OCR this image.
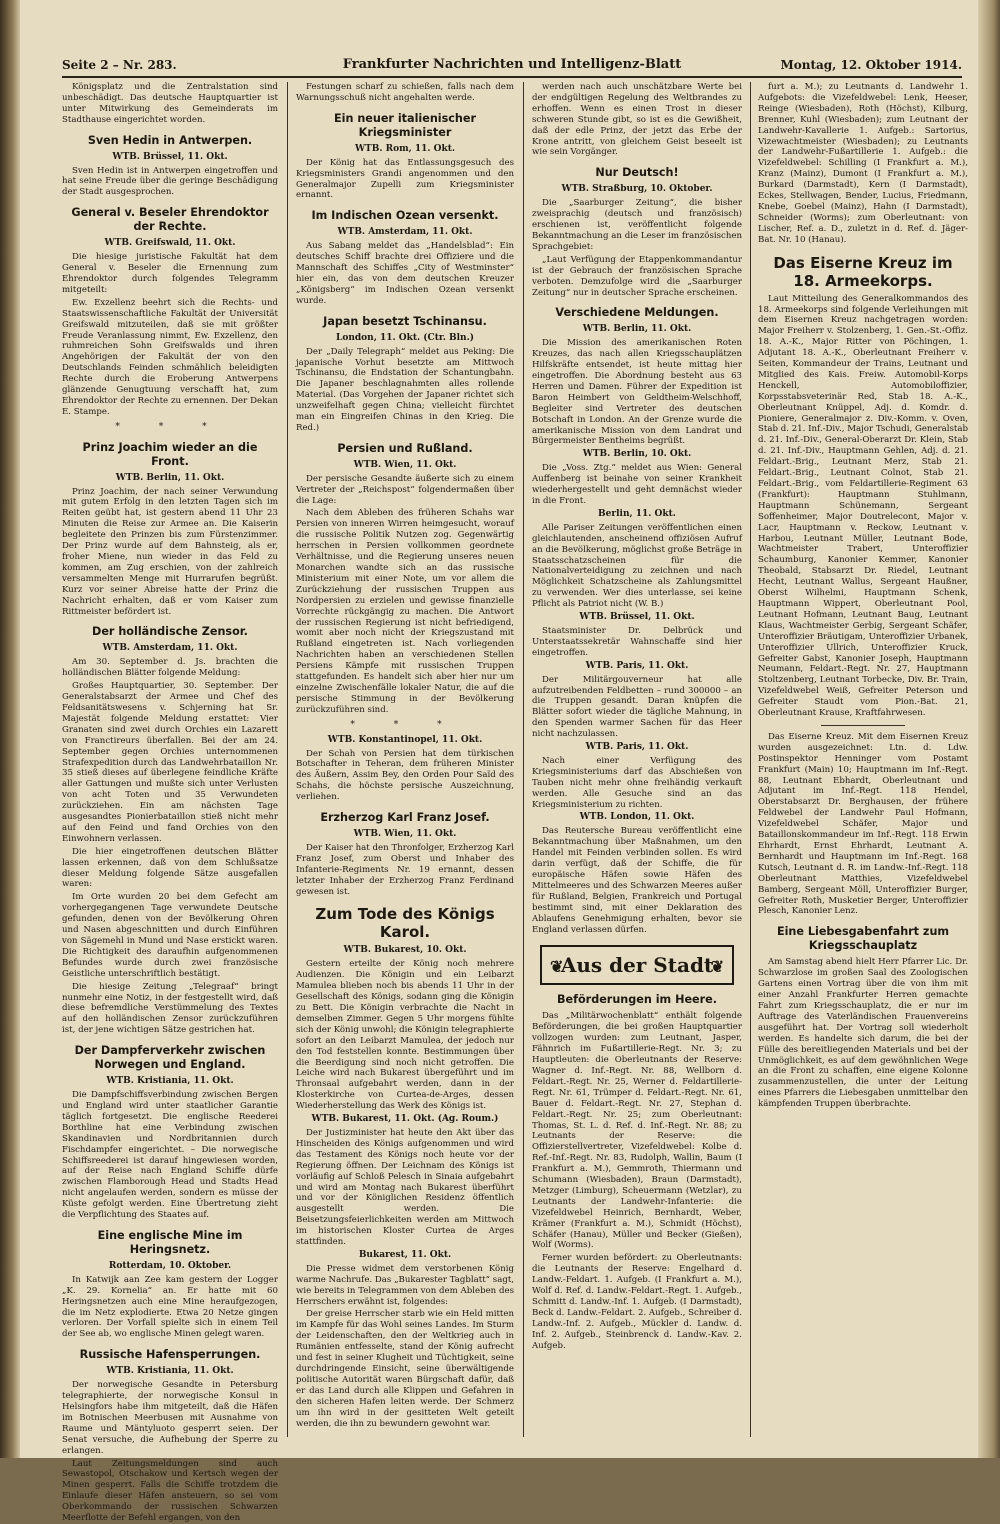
Seite 2 – Nr. 283.	Frankfurter Nachrichten und Intelligenz-Blatt	Montag, 12. Oktober 1914.

Königsplatz und die Zentralstation sind unbeschädigt. Das deutsche Hauptquartier ist unter Mitwirkung des Gemeinderats im Stadthause eingerichtet worden.

Sven Hedin in Antwerpen.

WTB. Brüssel, 11. Okt.

Sven Hedin ist in Antwerpen eingetroffen und hat seine Freude über die geringe Beschädigung der Stadt ausgesprochen.

General v. Beseler Ehrendoktor der Rechte.

WTB. Greifswald, 11. Okt.

Die hiesige juristische Fakultät hat dem General v. Beseler die Ernennung zum Ehrendoktor durch folgendes Telegramm mitgeteilt:

Ew. Exzellenz beehrt sich die Rechts- und Staatswissenschaftliche Fakultät der Universität Greifswald mitzuteilen, daß sie mit größter Freude Veranlassung nimmt, Ew. Exzellenz, den ruhmreichen Sohn Greifswalds und ihren Angehörigen der Fakultät der von den Deutschlands Feinden schmählich beleidigten Rechte durch die Eroberung Antwerpens glänzende Genugtuung verschafft hat, zum Ehrendoktor der Rechte zu ernennen. Der Dekan E. Stampe.

* * *

Prinz Joachim wieder an die Front.

WTB. Berlin, 11. Okt.

Prinz Joachim, der nach seiner Verwundung mit gutem Erfolg in den letzten Tagen sich im Reiten geübt hat, ist gestern abend 11 Uhr 23 Minuten die Reise zur Armee an. Die Kaiserin begleitete den Prinzen bis zum Fürstenzimmer. Der Prinz wurde auf dem Bahnsteig, als er, froher Miene, nun wieder in das Feld zu kommen, am Zug erschien, von der zahlreich versammelten Menge mit Hurrarufen begrüßt. Kurz vor seiner Abreise hatte der Prinz die Nachricht erhalten, daß er vom Kaiser zum Rittmeister befördert ist.

Der holländische Zensor.

WTB. Amsterdam, 11. Okt.

Am 30. September d. Js. brachten die holländischen Blätter folgende Meldung:

Großes Hauptquartier, 30. September. Der Generalstabsarzt der Armee und Chef des Feldsanitätswesens v. Schjerning hat Sr. Majestät folgende Meldung erstattet: Vier Granaten sind zwei durch Orchies ein Lazarett von Franctireurs überfallen. Bei der am 24. September gegen Orchies unternommenen Strafexpedition durch das Landwehrbataillon Nr. 35 stieß dieses auf überlegene feindliche Kräfte aller Gattungen und mußte sich unter Verlusten von acht Toten und 35 Verwundeten zurückziehen. Ein am nächsten Tage ausgesandtes Pionierbataillon stieß nicht mehr auf den Feind und fand Orchies von den Einwohnern verlassen.

Die hier eingetroffenen deutschen Blätter lassen erkennen, daß von dem Schlußsatze dieser Meldung folgende Sätze ausgefallen waren:

Im Orte wurden 20 bei dem Gefecht am vorhergegangenen Tage verwundete Deutsche gefunden, denen von der Bevölkerung Ohren und Nasen abgeschnitten und durch Einführen von Sägemehl in Mund und Nase erstickt waren. Die Richtigkeit des daraufhin aufgenommenen Befundes wurde durch zwei französische Geistliche unterschriftlich bestätigt.

Die hiesige Zeitung „Telegraaf“ bringt nunmehr eine Notiz, in der festgestellt wird, daß diese befremdliche Verstümmelung des Textes auf den holländischen Zensor zurückzuführen ist, der jene wichtigen Sätze gestrichen hat.

Der Dampferverkehr zwischen Norwegen und England.

WTB. Kristiania, 11. Okt.

Die Dampfschiffsverbindung zwischen Bergen und England wird unter staatlicher Garantie täglich fortgesetzt. Die englische Reederei Borthline hat eine Verbindung zwischen Skandinavien und Nordbritannien durch Fischdampfer eingerichtet. – Die norwegische Schiffsreederei ist darauf hingewiesen worden, auf der Reise nach England Schiffe dürfe zwischen Flamborough Head und Stadts Head nicht angelaufen werden, sondern es müsse der Küste gefolgt werden. Eine Übertretung zieht die Verpflichtung des Staates auf.

Eine englische Mine im Heringsnetz.

Rotterdam, 10. Oktober.

In Katwijk aan Zee kam gestern der Logger „K. 29. Kornelia“ an. Er hatte mit 60 Heringsnetzen auch eine Mine heraufgezogen, die im Netz explodierte. Etwa 20 Netze gingen verloren. Der Vorfall spielte sich in einem Teil der See ab, wo englische Minen gelegt waren.

Russische Hafensperrungen.

WTB. Kristiania, 11. Okt.

Der norwegische Gesandte in Petersburg telegraphierte, der norwegische Konsul in Helsingfors habe ihm mitgeteilt, daß die Häfen im Botnischen Meerbusen mit Ausnahme von Raume und Mäntyluoto gesperrt seien. Der Senat versuche, die Aufhebung der Sperre zu erlangen.

Laut Zeitungsmeldungen sind auch Sewastopol, Otschakow und Kertsch wegen der Minen gesperrt. Falls die Schiffe trotzdem die Einlaufe dieser Häfen ansteuern, so sei vom Oberkommando der russischen Schwarzen Meerflotte der Befehl ergangen, von den

Festungen scharf zu schießen, falls nach dem Warnungsschuß nicht angehalten werde.

Ein neuer italienischer Kriegsminister

WTB. Rom, 11. Okt.

Der König hat das Entlassungsgesuch des Kriegsministers Grandi angenommen und den Generalmajor Zupelli zum Kriegsminister ernannt.

Im Indischen Ozean versenkt.

WTB. Amsterdam, 11. Okt.

Aus Sabang meldet das „Handelsblad“: Ein deutsches Schiff brachte drei Offiziere und die Mannschaft des Schiffes „City of Westminster“ hier ein, das von dem deutschen Kreuzer „Königsberg“ im Indischen Ozean versenkt wurde.

Japan besetzt Tschinansu.

London, 11. Okt. (Ctr. Bln.)

Der „Daily Telegraph“ meldet aus Peking: Die japanische Vorhut besetzte am Mittwoch Tschinansu, die Endstation der Schantungbahn. Die Japaner beschlagnahmten alles rollende Material. (Das Vorgehen der Japaner richtet sich unzweifelhaft gegen China; vielleicht fürchtet man ein Eingreifen Chinas in den Krieg. Die Red.)

Persien und Rußland.

WTB. Wien, 11. Okt.

Der persische Gesandte äußerte sich zu einem Vertreter der „Reichspost“ folgendermaßen über die Lage:

Nach dem Ableben des früheren Schahs war Persien von inneren Wirren heimgesucht, worauf die russische Politik Nutzen zog. Gegenwärtig herrschen in Persien vollkommen geordnete Verhältnisse, und die Regierung unseres neuen Monarchen wandte sich an das russische Ministerium mit einer Note, um vor allem die Zurückziehung der russischen Truppen aus Nordpersien zu erzielen und gewisse finanzielle Vorrechte rückgängig zu machen. Die Antwort der russischen Regierung ist nicht befriedigend, womit aber noch nicht der Kriegszustand mit Rußland eingetreten ist. Nach vorliegenden Nachrichten haben an verschiedenen Stellen Persiens Kämpfe mit russischen Truppen stattgefunden. Es handelt sich aber hier nur um einzelne Zwischenfälle lokaler Natur, die auf die persische Stimmung in der Bevölkerung zurückzuführen sind.

* * *

WTB. Konstantinopel, 11. Okt.

Der Schah von Persien hat dem türkischen Botschafter in Teheran, dem früheren Minister des Äußern, Assim Bey, den Orden Pour Saïd des Schahs, die höchste persische Auszeichnung, verliehen.

Erzherzog Karl Franz Josef.

WTB. Wien, 11. Okt.

Der Kaiser hat den Thronfolger, Erzherzog Karl Franz Josef, zum Oberst und Inhaber des Infanterie-Regiments Nr. 19 ernannt, dessen letzter Inhaber der Erzherzog Franz Ferdinand gewesen ist.

Zum Tode des Königs Karol.

WTB. Bukarest, 10. Okt.

Gestern erteilte der König noch mehrere Audienzen. Die Königin und ein Leibarzt Mamulea blieben noch bis abends 11 Uhr in der Gesellschaft des Königs, sodann ging die Königin zu Bett. Die Königin verbrachte die Nacht in demselben Zimmer. Gegen 5 Uhr morgens fühlte sich der König unwohl; die Königin telegraphierte sofort an den Leibarzt Mamulea, der jedoch nur den Tod feststellen konnte. Bestimmungen über die Beerdigung sind noch nicht getroffen. Die Leiche wird nach Bukarest übergeführt und im Thronsaal aufgebahrt werden, dann in der Klosterkirche von Curtea-de-Arges, dessen Wiederherstellung das Werk des Königs ist.

WTB. Bukarest, 11. Okt. (Ag. Roum.)

Der Justizminister hat heute den Akt über das Hinscheiden des Königs aufgenommen und wird das Testament des Königs noch heute vor der Regierung öffnen. Der Leichnam des Königs ist vorläufig auf Schloß Pelesch in Sinaia aufgebahrt und wird am Montag nach Bukarest überführt und vor der Königlichen Residenz öffentlich ausgestellt werden. Die Beisetzungsfeierlichkeiten werden am Mittwoch im historischen Kloster Curtea de Arges stattfinden.

Bukarest, 11. Okt.

Die Presse widmet dem verstorbenen König warme Nachrufe. Das „Bukarester Tagblatt“ sagt, wie bereits in Telegrammen von dem Ableben des Herrschers erwähnt ist, folgendes:

Der greise Herrscher starb wie ein Held mitten im Kampfe für das Wohl seines Landes. Im Sturm der Leidenschaften, den der Weltkrieg auch in Rumänien entfesselte, stand der König aufrecht und fest in seiner Klugheit und Tüchtigkeit, seine durchdringende Einsicht, seine überwältigende politische Autorität waren Bürgschaft dafür, daß er das Land durch alle Klippen und Gefahren in den sicheren Hafen leiten werde. Der Schmerz um ihn wird in der gesitteten Welt geteilt werden, die ihn zu bewundern gewohnt war.

werden nach auch unschätzbare Werte bei der endgültigen Regelung des Weltbrandes zu erhoffen. Wenn es einen Trost in dieser schweren Stunde gibt, so ist es die Gewißheit, daß der edle Prinz, der jetzt das Erbe der Krone antritt, von gleichem Geist beseelt ist wie sein Vorgänger.

Nur Deutsch!

WTB. Straßburg, 10. Oktober.

Die „Saarburger Zeitung“, die bisher zweisprachig (deutsch und französisch) erschienen ist, veröffentlicht folgende Bekanntmachung an die Leser im französischen Sprachgebiet:

„Laut Verfügung der Etappenkommandantur ist der Gebrauch der französischen Sprache verboten. Demzufolge wird die „Saarburger Zeitung“ nur in deutscher Sprache erscheinen.

Verschiedene Meldungen.

WTB. Berlin, 11. Okt.

Die Mission des amerikanischen Roten Kreuzes, das nach allen Kriegsschauplätzen Hilfskräfte entsendet, ist heute mittag hier eingetroffen. Die Abordnung besteht aus 63 Herren und Damen. Führer der Expedition ist Baron Heimbert von Geldtheim-Welschhoff, Begleiter sind Vertreter des deutschen Botschaft in London. An der Grenze wurde die amerikanische Mission von dem Landrat und Bürgermeister Bentheims begrüßt.

WTB. Berlin, 10. Okt.

Die „Voss. Ztg.“ meldet aus Wien: General Auffenberg ist beinahe von seiner Krankheit wiederhergestellt und geht demnächst wieder in die Front.

Berlin, 11. Okt.

Alle Pariser Zeitungen veröffentlichen einen gleichlautenden, anscheinend offiziösen Aufruf an die Bevölkerung, möglichst große Beträge in Staatsschatzscheinen für die Nationalverteidigung zu zeichnen und nach Möglichkeit Schatzscheine als Zahlungsmittel zu verwenden. Wer dies unterlasse, sei keine Pflicht als Patriot nicht (W. B.)

WTB. Brüssel, 11. Okt.

Staatsminister Dr. Delbrück und Unterstaatssekretär Wahnschaffe sind hier eingetroffen.

WTB. Paris, 11. Okt.

Der Militärgouverneur hat alle aufzutreibenden Feldbetten – rund 300000 – an die Truppen gesandt. Daran knüpfen die Blätter sofort wieder die tägliche Mahnung, in den Spenden warmer Sachen für das Heer nicht nachzulassen.

WTB. Paris, 11. Okt.

Nach einer Verfügung des Kriegsministeriums darf das Abschießen von Tauben nicht mehr ohne freihändig verkauft werden. Alle Gesuche sind an das Kriegsministerium zu richten.

WTB. London, 11. Okt.

Das Reutersche Bureau veröffentlicht eine Bekanntmachung über Maßnahmen, um den Handel mit Feinden verbinden sollen. Es wird darin verfügt, daß der Schiffe, die für europäische Häfen sowie Häfen des Mittelmeeres und des Schwarzen Meeres außer für Rußland, Belgien, Frankreich und Portugal bestimmt sind, mit einer Deklaration des Ablaufens Genehmigung erhalten, bevor sie England verlassen dürfen.

❦
Aus der Stadt
❦

Beförderungen im Heere.

Das „Militärwochenblatt“ enthält folgende Beförderungen, die bei großen Hauptquartier vollzogen wurden: zum Leutnant, Jasper, Fähnrich im Fußartillerie-Regt. Nr. 3; zu Hauptleuten: die Oberleutnants der Reserve: Wagner d. Inf.-Regt. Nr. 88, Wellborn d. Feldart.-Regt. Nr. 25, Werner d. Feldartillerie-Regt. Nr. 61, Trümper d. Feldart.-Regt. Nr. 61, Bauer d. Feldart.-Regt. Nr. 27, Stephan d. Feldart.-Regt. Nr. 25; zum Oberleutnant: Thomas, St. L. d. Ref. d. Inf.-Regt. Nr. 88; zu Leutnants der Reserve: die Offizierstellvertreter, Vizefeldwebel: Kolbe d. Ref.-Inf.-Regt. Nr. 83, Rudolph, Wallin, Baum (I Frankfurt a. M.), Gemmroth, Thiermann und Schumann (Wiesbaden), Braun (Darmstadt), Metzger (Limburg), Scheuermann (Wetzlar), zu Leutnants der Landwehr-Infanterie: die Vizefeldwebel Heinrich, Bernhardt, Weber, Krämer (Frankfurt a. M.), Schmidt (Höchst), Schäfer (Hanau), Müller und Becker (Gießen), Wolf (Worms).

Ferner wurden befördert: zu Oberleutnants: die Leutnants der Reserve: Engelhard d. Landw.-Feldart. 1. Aufgeb. (I Frankfurt a. M.), Wolf d. Ref. d. Landw.-Feldart.-Regt. 1. Aufgeb., Schmitt d. Landw.-Inf. 1. Aufgeb. (I Darmstadt), Beck d. Landw.-Feldart. 2. Aufgeb., Schreiber d. Landw.-Inf. 2. Aufgeb., Mückler d. Landw. d. Inf. 2. Aufgeb., Steinbrenck d. Landw.-Kav. 2. Aufgeb.

furt a. M.); zu Leutnants d. Landwehr 1. Aufgebots: die Vizefeldwebel: Lenk, Heeser, Reinge (Wiesbaden), Roth (Höchst), Kilburg, Brenner, Kuhl (Wiesbaden); zum Leutnant der Landwehr-Kavallerie 1. Aufgeb.: Sartorius, Vizewachtmeister (Wiesbaden); zu Leutnants der Landwehr-Fußartillerie 1. Aufgeb.: die Vizefeldwebel: Schilling (I Frankfurt a. M.), Kranz (Mainz), Dumont (I Frankfurt a. M.), Burkard (Darmstadt), Kern (I Darmstadt), Eckes, Stellwagen, Bender, Lucius, Friedmann, Knebe, Goebel (Mainz), Hahn (I Darmstadt), Schneider (Worms); zum Oberleutnant: von Lischer, Ref. a. D., zuletzt in d. Ref. d. Jäger-Bat. Nr. 10 (Hanau).

Das Eiserne Kreuz im 18. Armeekorps.

Laut Mitteilung des Generalkommandos des 18. Armeekorps sind folgende Verleihungen mit dem Eisernen Kreuz nachgetragen worden: Major Freiherr v. Stolzenberg, 1. Gen.-St.-Offiz. 18. A.-K., Major Ritter von Pöchingen, 1. Adjutant 18. A.-K., Oberleutnant Freiherr v. Seiten, Kommandeur der Trains, Leutnant und Mitglied des Kais. Freiw. Automobil-Korps Henckell, Automobiloffizier, Korpsstabsveterinär Red, Stab 18. A.-K., Oberleutnant Knüppel, Adj. d. Komdr. d. Pioniere, Generalmajor z. Div.-Komm. v. Oven, Stab d. 21. Inf.-Div., Major Tschudi, Generalstab d. 21. Inf.-Div., General-Oberarzt Dr. Klein, Stab d. 21. Inf.-Div., Hauptmann Gehlen, Adj. d. 21. Feldart.-Brig., Leutnant Merz, Stab 21. Feldart.-Brig., Leutnant Colnot, Stab 21. Feldart.-Brig., vom Feldartillerie-Regiment 63 (Frankfurt): Hauptmann Stuhlmann, Hauptmann Schünemann, Sergeant Soffenheimer, Major Doutrelecont, Major v. Lacr, Hauptmann v. Reckow, Leutnant v. Harbou, Leutnant Müller, Leutnant Bode, Wachtmeister Trabert, Unteroffizier Schaumburg, Kanonier Kemmer, Kanonier Theobald, Stabsarzt Dr. Riedel, Leutnant Hecht, Leutnant Wallus, Sergeant Haußner, Oberst Wilhelmi, Hauptmann Schenk, Hauptmann Wippert, Oberleutnant Pool, Leutnant Hofmann, Leutnant Baug, Leutnant Klaus, Wachtmeister Gerbig, Sergeant Schäfer, Unteroffizier Bräutigam, Unteroffizier Urbanek, Unteroffizier Ullrich, Unteroffizier Kruck, Gefreiter Gabst, Kanonier Joseph, Hauptmann Neumann, Feldart.-Regt. Nr. 27, Hauptmann Stoltzenberg, Leutnant Torbecke, Div. Br. Train, Vizefeldwebel Weiß, Gefreiter Peterson und Gefreiter Staudt vom Pion.-Bat. 21, Oberleutnant Krause, Kraftfahrwesen.

Das Eiserne Kreuz. Mit dem Eisernen Kreuz wurden ausgezeichnet: Ltn. d. Ldw. Postinspektor Henninger vom Postamt Frankfurt (Main) 10; Hauptmann im Inf.-Regt. 88, Leutnant Ebhardt, Oberleutnant und Adjutant im Inf.-Regt. 118 Hendel, Oberstabsarzt Dr. Berghausen, der frühere Feldwebel der Landwehr Paul Hofmann, Vizefeldwebel Schäfer, Major und Bataillonskommandeur im Inf.-Regt. 118 Erwin Ehrhardt, Ernst Ehrhardt, Leutnant A. Bernhardt und Hauptmann im Inf.-Regt. 168 Kutsch, Leutnant d. R. im Landw.-Inf.-Regt. 118 Oberleutnant Matthies, Vizefeldwebel Bamberg, Sergeant Möll, Unteroffizier Burger, Gefreiter Roth, Musketier Berger, Unteroffizier Plesch, Kanonier Lenz.

Eine Liebesgabenfahrt zum Kriegsschauplatz

Am Samstag abend hielt Herr Pfarrer Lic. Dr. Schwarzlose im großen Saal des Zoologischen Gartens einen Vortrag über die von ihm mit einer Anzahl Frankfurter Herren gemachte Fahrt zum Kriegsschauplatz, die er nur im Auftrage des Vaterländischen Frauenvereins ausgeführt hat. Der Vortrag soll wiederholt werden. Es handelte sich darum, die bei der Fülle des bereitliegenden Materials und bei der Unmöglichkeit, es auf dem gewöhnlichen Wege an die Front zu schaffen, eine eigene Kolonne zusammenzustellen, die unter der Leitung eines Pfarrers die Liebesgaben unmittelbar den kämpfenden Truppen überbrachte.
